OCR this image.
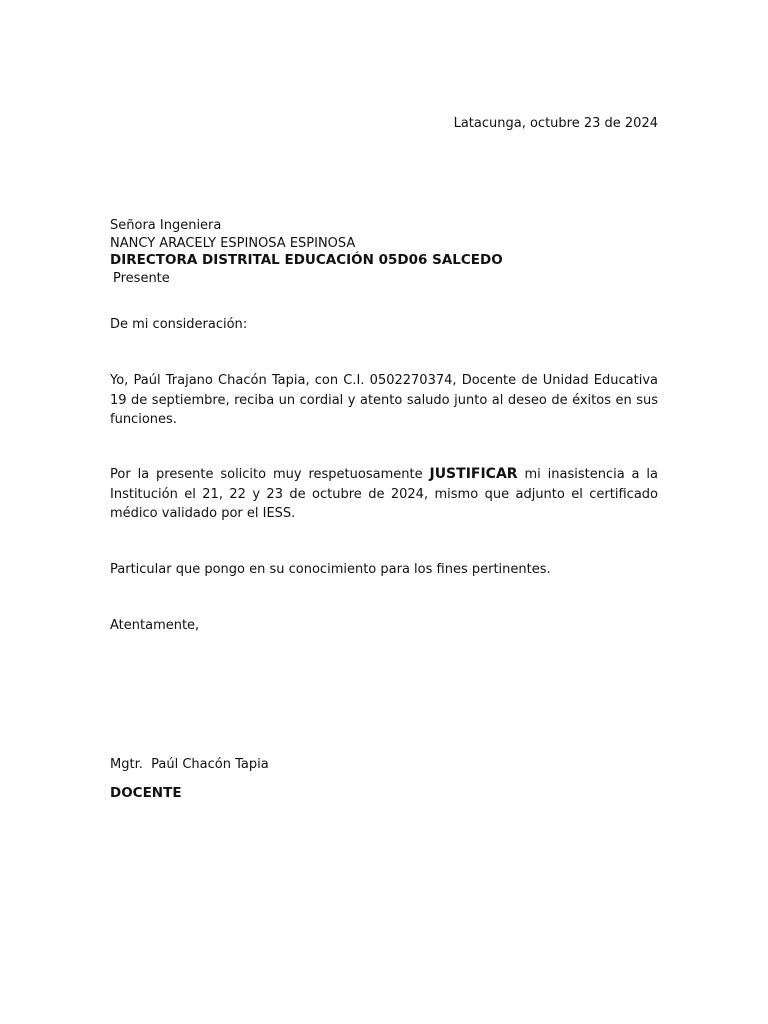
Latacunga, octubre 23 de 2024
Señora Ingeniera
NANCY ARACELY ESPINOSA ESPINOSA
DIRECTORA DISTRITAL EDUCACIÓN 05D06 SALCEDO
Presente
De mi consideración:
Yo, Paúl Trajano Chacón Tapia, con C.I. 0502270374, Docente de Unidad Educativa 19 de septiembre, reciba un cordial y atento saludo junto al deseo de éxitos en sus funciones.
Por la presente solicito muy respetuosamente JUSTIFICAR mi inasistencia a la Institución el 21, 22 y 23 de octubre de 2024, mismo que adjunto el certificado médico validado por el IESS.
Particular que pongo en su conocimiento para los fines pertinentes.
Atentamente,
Mgtr.  Paúl Chacón Tapia
DOCENTE
